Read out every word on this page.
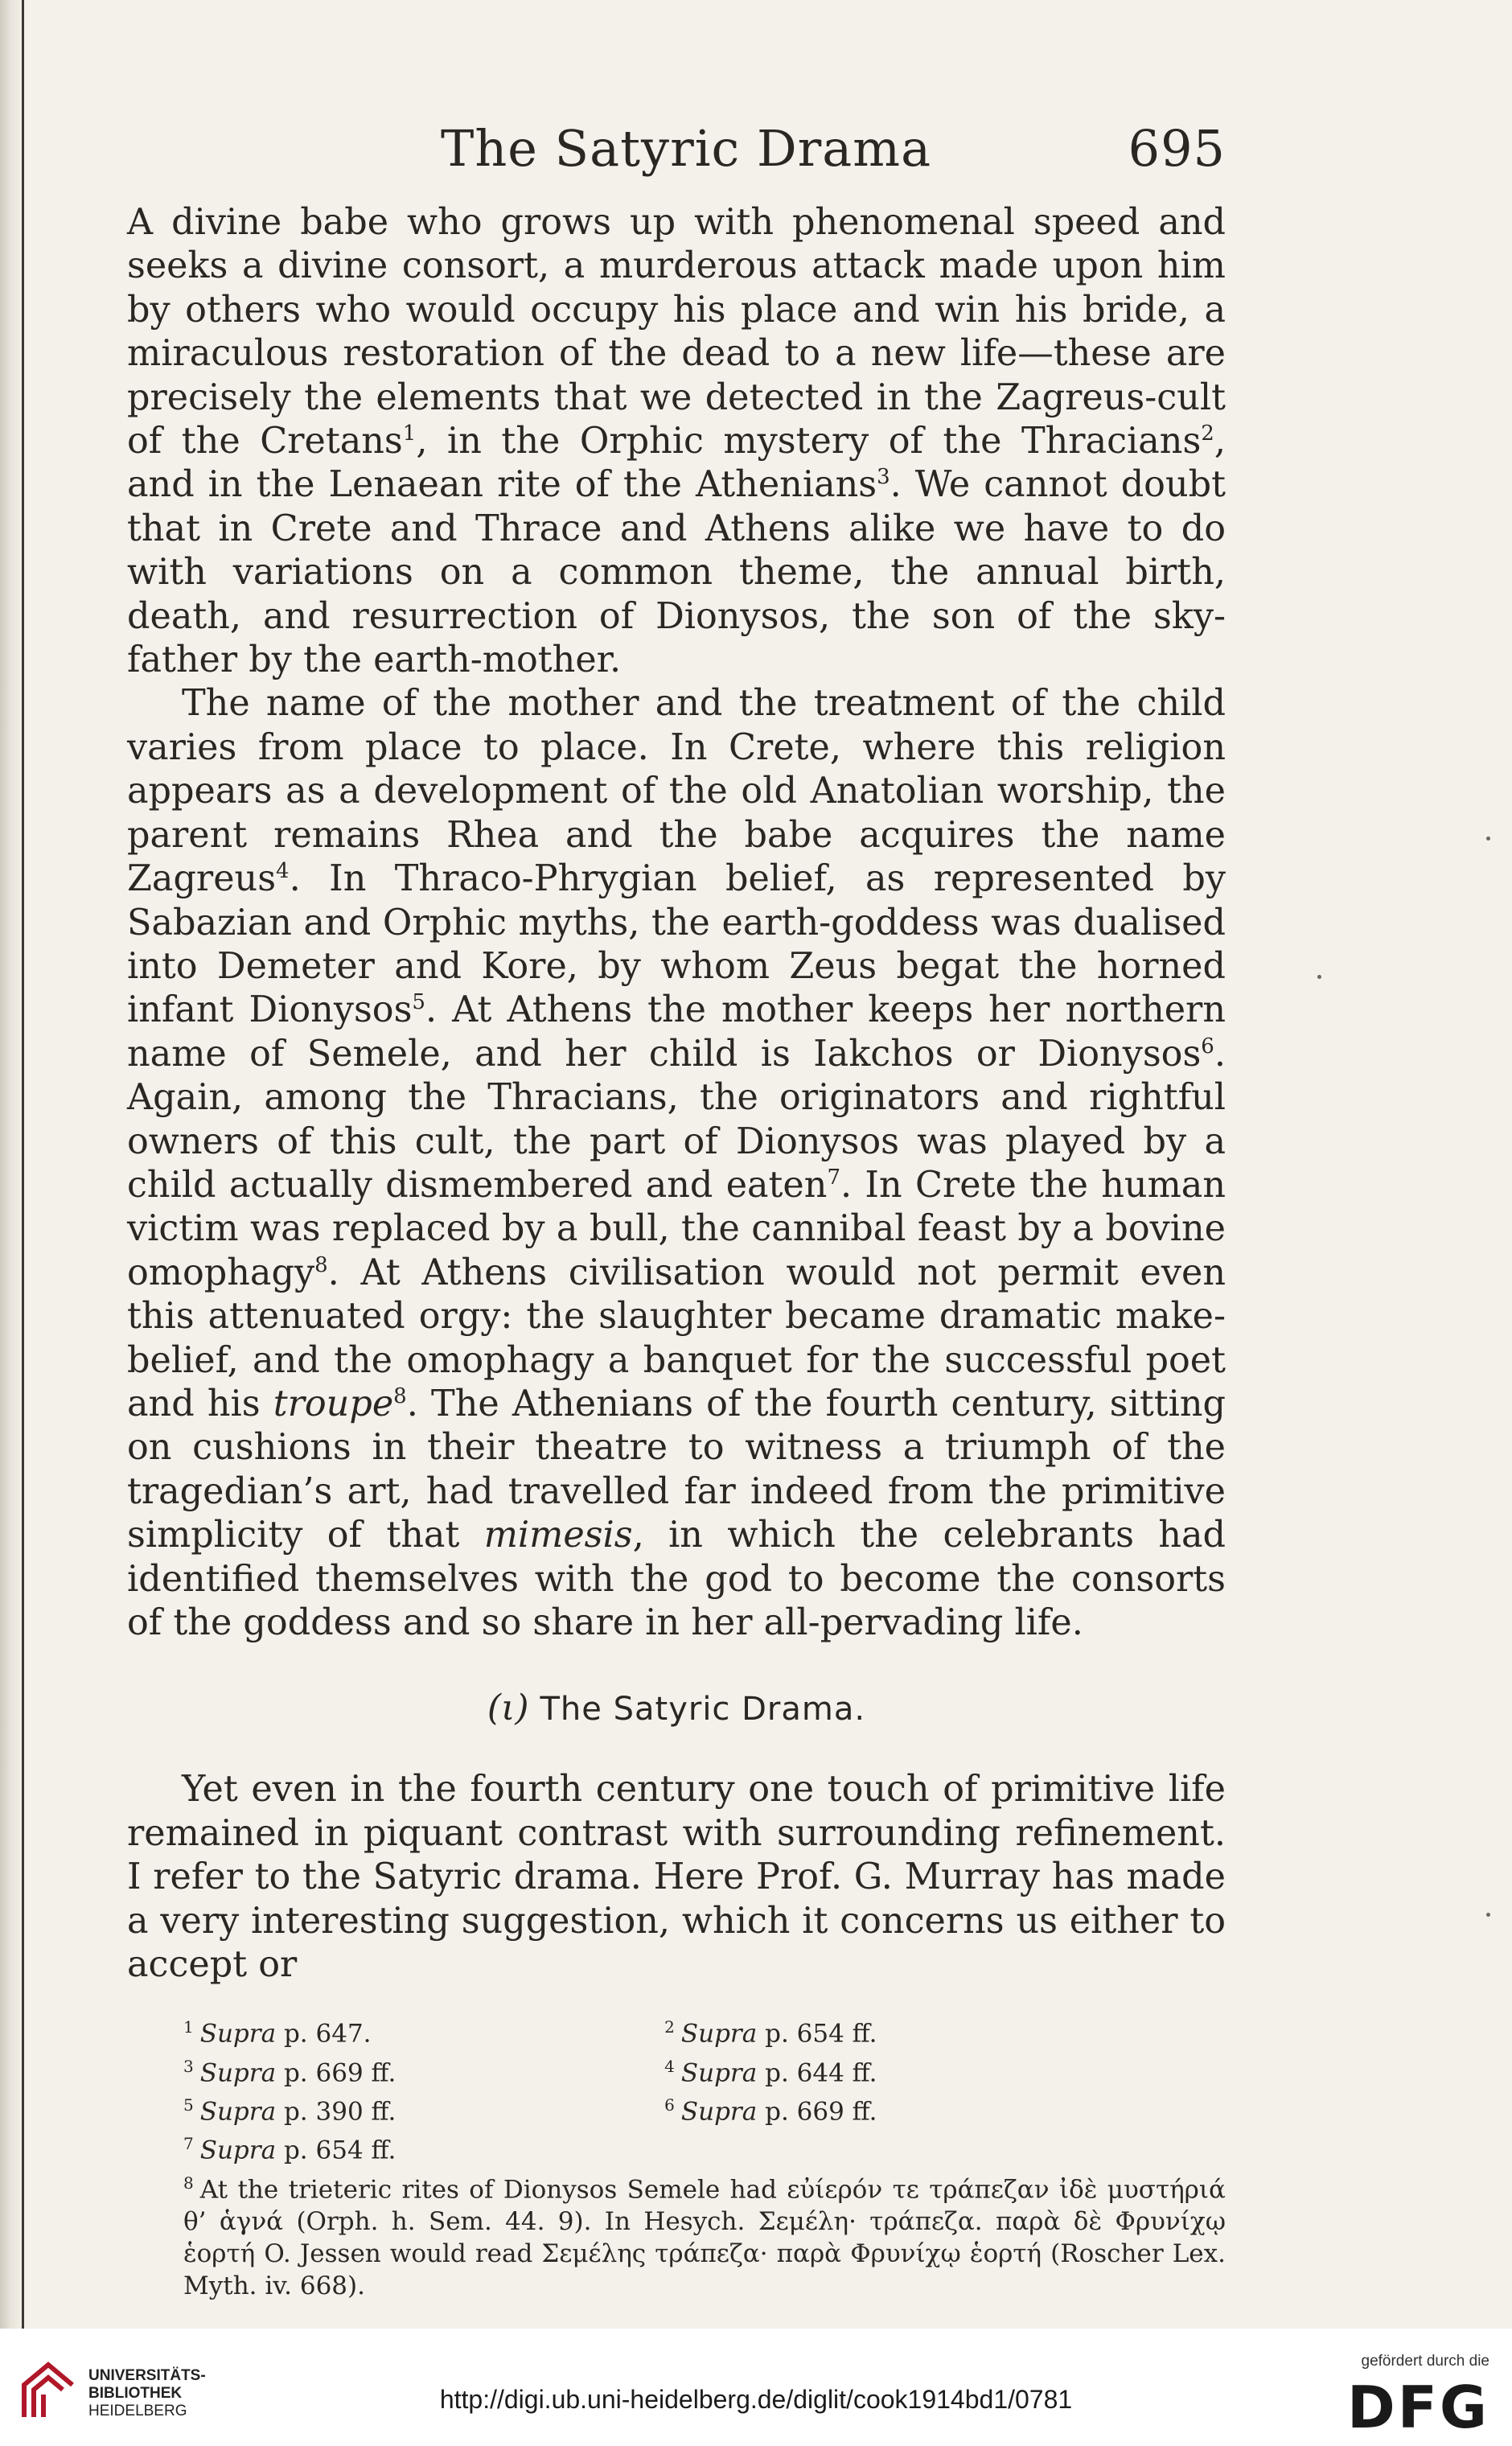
The Satyric Drama	695

A divine babe who grows up with phenomenal speed and seeks a divine consort, a murderous attack made upon him by others who would occupy his place and win his bride, a miraculous restoration of the dead to a new life—these are precisely the elements that we detected in the Zagreus-cult of the Cretans$^1$, in the Orphic mystery of the Thracians$^2$, and in the Lenaean rite of the Athenians$^3$. We cannot doubt that in Crete and Thrace and Athens alike we have to do with variations on a common theme, the annual birth, death, and resurrection of Dionysos, the son of the sky-father by the earth-mother.

The name of the mother and the treatment of the child varies from place to place. In Crete, where this religion appears as a development of the old Anatolian worship, the parent remains Rhea and the babe acquires the name Zagreus$^4$. In Thraco-Phrygian belief, as represented by Sabazian and Orphic myths, the earth-goddess was dualised into Demeter and Kore, by whom Zeus begat the horned infant Dionysos$^5$. At Athens the mother keeps her northern name of Semele, and her child is Iakchos or Dionysos$^6$. Again, among the Thracians, the originators and rightful owners of this cult, the part of Dionysos was played by a child actually dismembered and eaten$^7$. In Crete the human victim was replaced by a bull, the cannibal feast by a bovine omophagy$^8$. At Athens civilisation would not permit even this attenuated orgy: the slaughter became dramatic make-belief, and the omophagy a banquet for the successful poet and his troupe$^8$. The Athenians of the fourth century, sitting on cushions in their theatre to witness a triumph of the tragedian’s art, had travelled far indeed from the primitive simplicity of that mimesis, in which the celebrants had identified themselves with the god to become the consorts of the goddess and so share in her all-pervading life.

(ι) The Satyric Drama.

Yet even in the fourth century one touch of primitive life remained in piquant contrast with surrounding refinement. I refer to the Satyric drama. Here Prof. G. Murray has made a very interesting suggestion, which it concerns us either to accept or

$^1$ Supra p. 647.	$^2$ Supra p. 654 ff.
$^3$ Supra p. 669 ff.	$^4$ Supra p. 644 ff.
$^5$ Supra p. 390 ff.	$^6$ Supra p. 669 ff.
$^7$ Supra p. 654 ff.
$^8$ At the trieteric rites of Dionysos Semele had εὐίερόν τε τράπεζαν ἰδὲ μυστήριά θ’ ἁγνά (Orph. h. Sem. 44. 9). In Hesych. Σεμέλη· τράπεζα. παρὰ δὲ Φρυνίχῳ ἑορτή O. Jessen would read Σεμέλης τράπεζα· παρὰ Φρυνίχῳ ἑορτή (Roscher Lex. Myth. iv. 668).
UNIVERSITÄTS-
BIBLIOTHEK
HEIDELBERG	http://digi.ub.uni-heidelberg.de/diglit/cook1914bd1/0781
gefördert durch die
DFG
